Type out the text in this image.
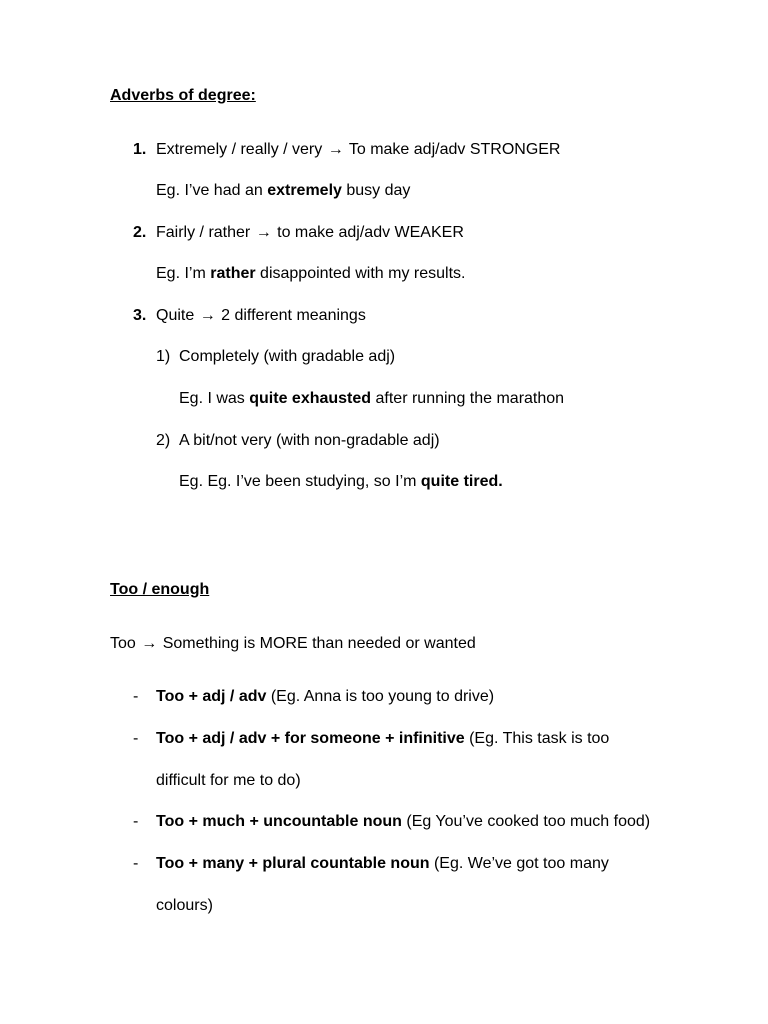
Adverbs of degree:
1. Extremely / really / very → To make adj/adv STRONGER
Eg. I’ve had an extremely busy day
2. Fairly / rather → to make adj/adv WEAKER
Eg. I’m rather disappointed with my results.
3. Quite → 2 different meanings
1) Completely (with gradable adj)
Eg. I was quite exhausted after running the marathon
2) A bit/not very (with non-gradable adj)
Eg. Eg. I’ve been studying, so I’m quite tired.
Too / enough
Too → Something is MORE than needed or wanted
- Too + adj / adv (Eg. Anna is too young to drive)
- Too + adj / adv + for someone + infinitive (Eg. This task is too
difficult for me to do)
- Too + much + uncountable noun (Eg You’ve cooked too much food)
- Too + many + plural countable noun (Eg. We’ve got too many
colours)
